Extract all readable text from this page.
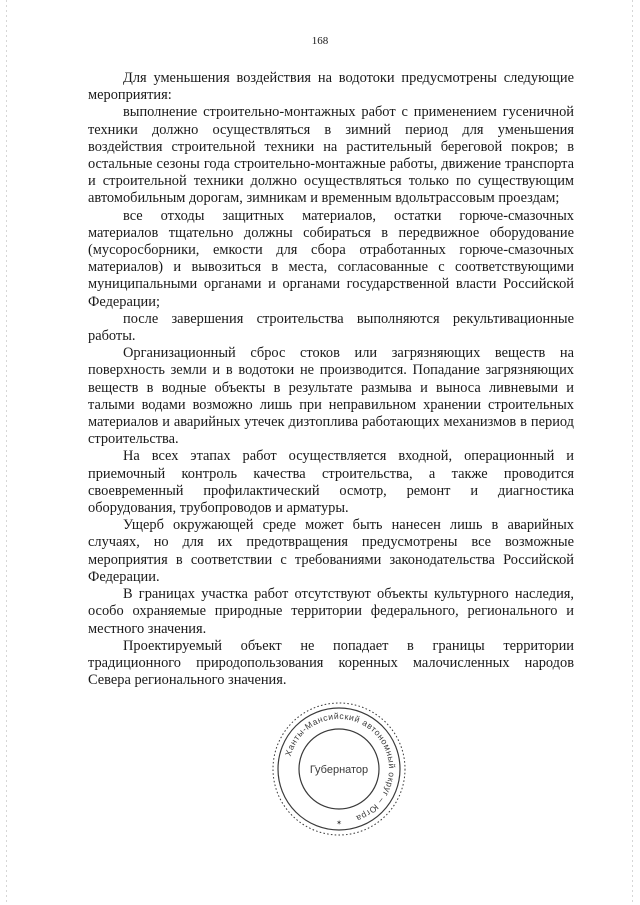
168

Для уменьшения воздействия на водотоки предусмотрены следующие мероприятия:

выполнение строительно-монтажных работ с применением гусеничной техники должно осуществляться в зимний период для уменьшения воздействия строительной техники на растительный береговой покров; в остальные сезоны года строительно-монтажные работы, движение транспорта и строительной техники должно осуществляться только по существующим автомобильным дорогам, зимникам и временным вдольтрассовым проездам;

все отходы защитных материалов, остатки горюче-смазочных материалов тщательно должны собираться в передвижное оборудование (мусоросборники, емкости для сбора отработанных горюче-смазочных материалов) и вывозиться в места, согласованные с соответствующими муниципальными органами и органами государственной власти Российской Федерации;

после завершения строительства выполняются рекультивационные работы.

Организационный сброс стоков или загрязняющих веществ на поверхность земли и в водотоки не производится. Попадание загрязняющих веществ в водные объекты в результате размыва и выноса ливневыми и талыми водами возможно лишь при неправильном хранении строительных материалов и аварийных утечек дизтоплива работающих механизмов в период строительства.

На всех этапах работ осуществляется входной, операционный и приемочный контроль качества строительства, а также проводится своевременный профилактический осмотр, ремонт и диагностика оборудования, трубопроводов и арматуры.

Ущерб окружающей среде может быть нанесен лишь в аварийных случаях, но для их предотвращения предусмотрены все возможные мероприятия в соответствии с требованиями законодательства Российской Федерации.

В границах участка работ отсутствуют объекты культурного наследия, особо охраняемые природные территории федерального, регионального и местного значения.

Проектируемый объект не попадает в границы территории традиционного природопользования коренных малочисленных народов Севера регионального значения.

Ханты-Мансийский автономный округ – Югра
Губернатор
✶
